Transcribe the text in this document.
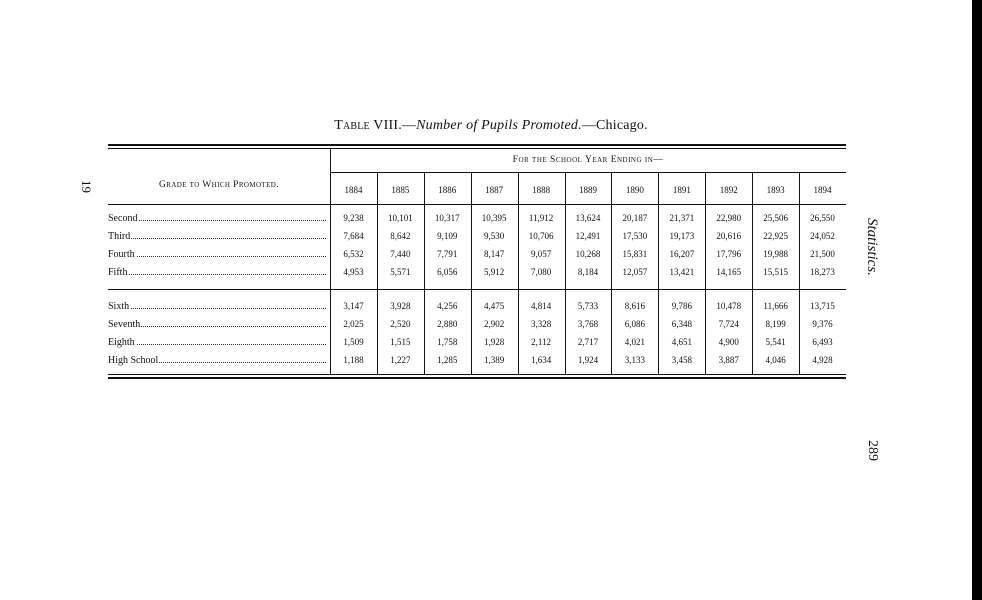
Table VIII.—Number of Pupils Promoted.—Chicago.
19
Statistics.
289
For the School Year Ending in—
Grade to Which Promoted.	1884	1885	1886	1887	1888	1889	1890	1891	1892	1893	1894
Second	9,238	10,101	10,317	10,395	11,912	13,624	20,187	21,371	22,980	25,506	26,550
Third	7,684	8,642	9,109	9,530	10,706	12,491	17,530	19,173	20,616	22,925	24,052
Fourth	6,532	7,440	7,791	8,147	9,057	10,268	15,831	16,207	17,796	19,988	21,500
Fifth	4,953	5,571	6,056	5,912	7,080	8,184	12,057	13,421	14,165	15,515	18,273
Sixth	3,147	3,928	4,256	4,475	4,814	5,733	8,616	9,786	10,478	11,666	13,715
Seventh	2,025	2,520	2,880	2,902	3,328	3,768	6,086	6,348	7,724	8,199	9,376
Eighth	1,509	1,515	1,758	1,928	2,112	2,717	4,021	4,651	4,900	5,541	6,493
High School	1,188	1,227	1,285	1,389	1,634	1,924	3,133	3,458	3,887	4,046	4,928
